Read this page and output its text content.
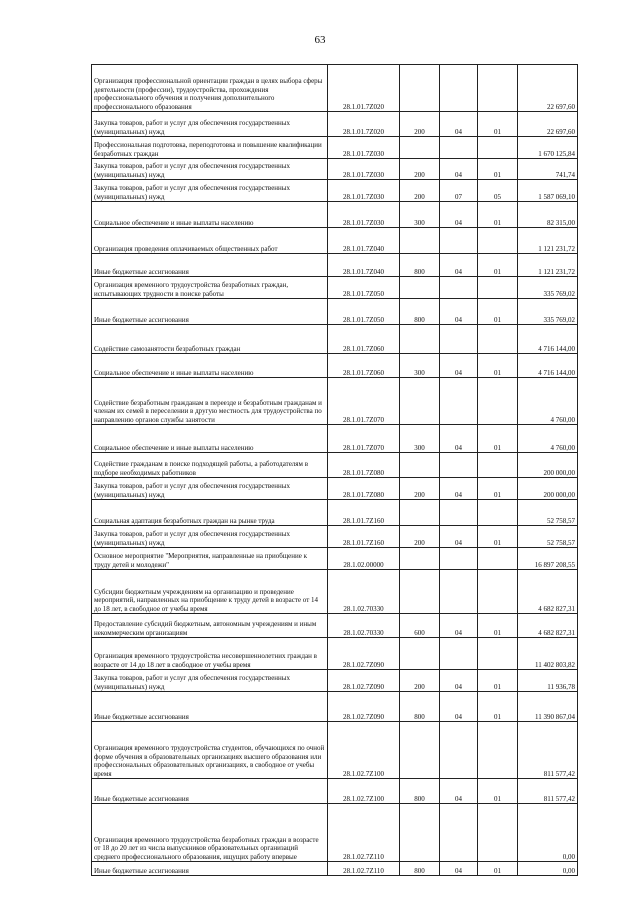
63
Организация профессиональной ориентации граждан в целях выбора сферы деятельности (профессии), трудоустройства, прохождения профессионального обучения и получения дополнительного профессионального образования	28.1.01.7Z020				22 697,60
Закупка товаров, работ и услуг для обеспечения государственных (муниципальных) нужд	28.1.01.7Z020	200	04	01	22 697,60
Профессиональная подготовка, переподготовка и повышение квалификации безработных граждан	28.1.01.7Z030				1 670 125,84
Закупка товаров, работ и услуг для обеспечения государственных (муниципальных) нужд	28.1.01.7Z030	200	04	01	741,74
Закупка товаров, работ и услуг для обеспечения государственных (муниципальных) нужд	28.1.01.7Z030	200	07	05	1 587 069,10
Социальное обеспечение и иные выплаты населению	28.1.01.7Z030	300	04	01	82 315,00
Организация проведения оплачиваемых общественных работ	28.1.01.7Z040				1 121 231,72
Иные бюджетные ассигнования	28.1.01.7Z040	800	04	01	1 121 231,72
Организация временного трудоустройства безработных граждан, испытывающих трудности в поиске работы	28.1.01.7Z050				335 769,02
Иные бюджетные ассигнования	28.1.01.7Z050	800	04	01	335 769,02
Содействие самозанятости безработных граждан	28.1.01.7Z060				4 716 144,00
Социальное обеспечение и иные выплаты населению	28.1.01.7Z060	300	04	01	4 716 144,00
Содействие безработным гражданам в переезде и безработным гражданам и членам их семей в переселении в другую местность для трудоустройства по направлению органов службы занятости	28.1.01.7Z070				4 760,00
Социальное обеспечение и иные выплаты населению	28.1.01.7Z070	300	04	01	4 760,00
Содействие гражданам в поиске подходящей работы, а работодателям в подборе необходимых работников	28.1.01.7Z080				200 000,00
Закупка товаров, работ и услуг для обеспечения государственных (муниципальных) нужд	28.1.01.7Z080	200	04	01	200 000,00
Социальная адаптация безработных граждан на рынке труда	28.1.01.7Z160				52 758,57
Закупка товаров, работ и услуг для обеспечения государственных (муниципальных) нужд	28.1.01.7Z160	200	04	01	52 758,57
Основное мероприятие "Мероприятия, направленные на приобщение к труду детей и молодежи"	28.1.02.00000				16 897 208,55
Субсидии бюджетным учреждениям на организацию и проведение мероприятий, направленных на приобщение к труду детей в возрасте от 14 до 18 лет, в свободное от учебы время	28.1.02.70330				4 682 827,31
Предоставление субсидий бюджетным, автономным учреждениям и иным некоммерческим организациям	28.1.02.70330	600	04	01	4 682 827,31
Организация временного трудоустройства несовершеннолетних граждан в возрасте от 14 до 18 лет в свободное от учебы время	28.1.02.7Z090				11 402 803,82
Закупка товаров, работ и услуг для обеспечения государственных (муниципальных) нужд	28.1.02.7Z090	200	04	01	11 936,78
Иные бюджетные ассигнования	28.1.02.7Z090	800	04	01	11 390 867,04
Организация временного трудоустройства студентов, обучающихся по очной форме обучения в образовательных организациях высшего образования или профессиональных образовательных организациях, в свободное от учебы время	28.1.02.7Z100				811 577,42
Иные бюджетные ассигнования	28.1.02.7Z100	800	04	01	811 577,42
Организация временного трудоустройства безработных граждан в возрасте от 18 до 20 лет из числа выпускников образовательных организаций среднего профессионального образования, ищущих работу впервые	28.1.02.7Z110				0,00
Иные бюджетные ассигнования	28.1.02.7Z110	800	04	01	0,00
